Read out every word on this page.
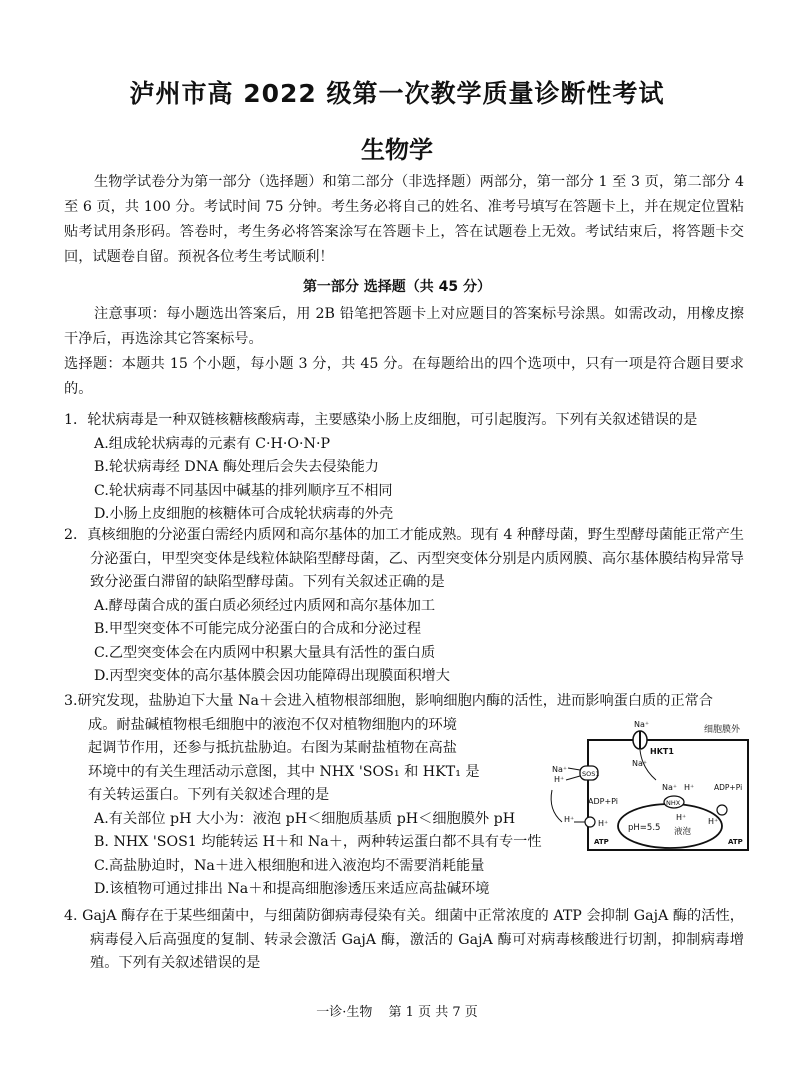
泸州市高 2022 级第一次教学质量诊断性考试
生物学
生物学试卷分为第一部分（选择题）和第二部分（非选择题）两部分，第一部分 1 至 3 页，第二部分 4 至 6 页，共 100 分。考试时间 75 分钟。考生务必将自己的姓名、准考号填写在答题卡上，并在规定位置粘贴考试用条形码。答卷时，考生务必将答案涂写在答题卡上，答在试题卷上无效。考试结束后，将答题卡交回，试题卷自留。预祝各位考生考试顺利！
第一部分 选择题（共 45 分）
注意事项：每小题选出答案后，用 2B 铅笔把答题卡上对应题目的答案标号涂黑。如需改动，用橡皮擦干净后，再选涂其它答案标号。
选择题：本题共 15 个小题，每小题 3 分，共 45 分。在每题给出的四个选项中，只有一项是符合题目要求的。
1．轮状病毒是一种双链核糖核酸病毒，主要感染小肠上皮细胞，可引起腹泻。下列有关叙述错误的是
A.组成轮状病毒的元素有 C·H·O·N·P
B.轮状病毒经 DNA 酶处理后会失去侵染能力
C.轮状病毒不同基因中碱基的排列顺序互不相同
D.小肠上皮细胞的核糖体可合成轮状病毒的外壳
2．真核细胞的分泌蛋白需经内质网和高尔基体的加工才能成熟。现有 4 种酵母菌，野生型酵母菌能正常产生分泌蛋白，甲型突变体是线粒体缺陷型酵母菌，乙、丙型突变体分别是内质网膜、高尔基体膜结构异常导致分泌蛋白滞留的缺陷型酵母菌。下列有关叙述正确的是
A.酵母菌合成的蛋白质必须经过内质网和高尔基体加工
B.甲型突变体不可能完成分泌蛋白的合成和分泌过程
C.乙型突变体会在内质网中积累大量具有活性的蛋白质
D.丙型突变体的高尔基体膜会因功能障碍出现膜面积增大
3.研究发现，盐胁迫下大量 Na＋会进入植物根部细胞，影响细胞内酶的活性，进而影响蛋白质的正常合
成。耐盐碱植物根毛细胞中的液泡不仅对植物细胞内的环境
起调节作用，还参与抵抗盐胁迫。右图为某耐盐植物在高盐
环境中的有关生理活动示意图，其中 NHX 'SOS₁ 和 HKT₁ 是
有关转运蛋白。下列有关叙述合理的是
A.有关部位 pH 大小为：液泡 pH＜细胞质基质 pH＜细胞膜外 pH
B. NHX 'SOS1 均能转运 H＋和 Na＋，两种转运蛋白都不具有专一性
C.高盐胁迫时，Na＋进入根细胞和进入液泡均不需要消耗能量
D.该植物可通过排出 Na＋和提高细胞渗透压来适应高盐碱环境
细胞膜外
Na⁺
HKT1
Na⁺
SOS1
Na⁺
H⁺
ADP+Pi
H⁺	H⁺
ATP
pH=5.5 液泡
H⁺
Na⁺ H⁺
NHX
ADP+Pi
H⁺
ATP
4. GajA 酶存在于某些细菌中，与细菌防御病毒侵染有关。细菌中正常浓度的 ATP 会抑制 GajA 酶的活性，病毒侵入后高强度的复制、转录会激活 GajA 酶，激活的 GajA 酶可对病毒核酸进行切割，抑制病毒增殖。下列有关叙述错误的是
一诊·生物 第 1 页 共 7 页
